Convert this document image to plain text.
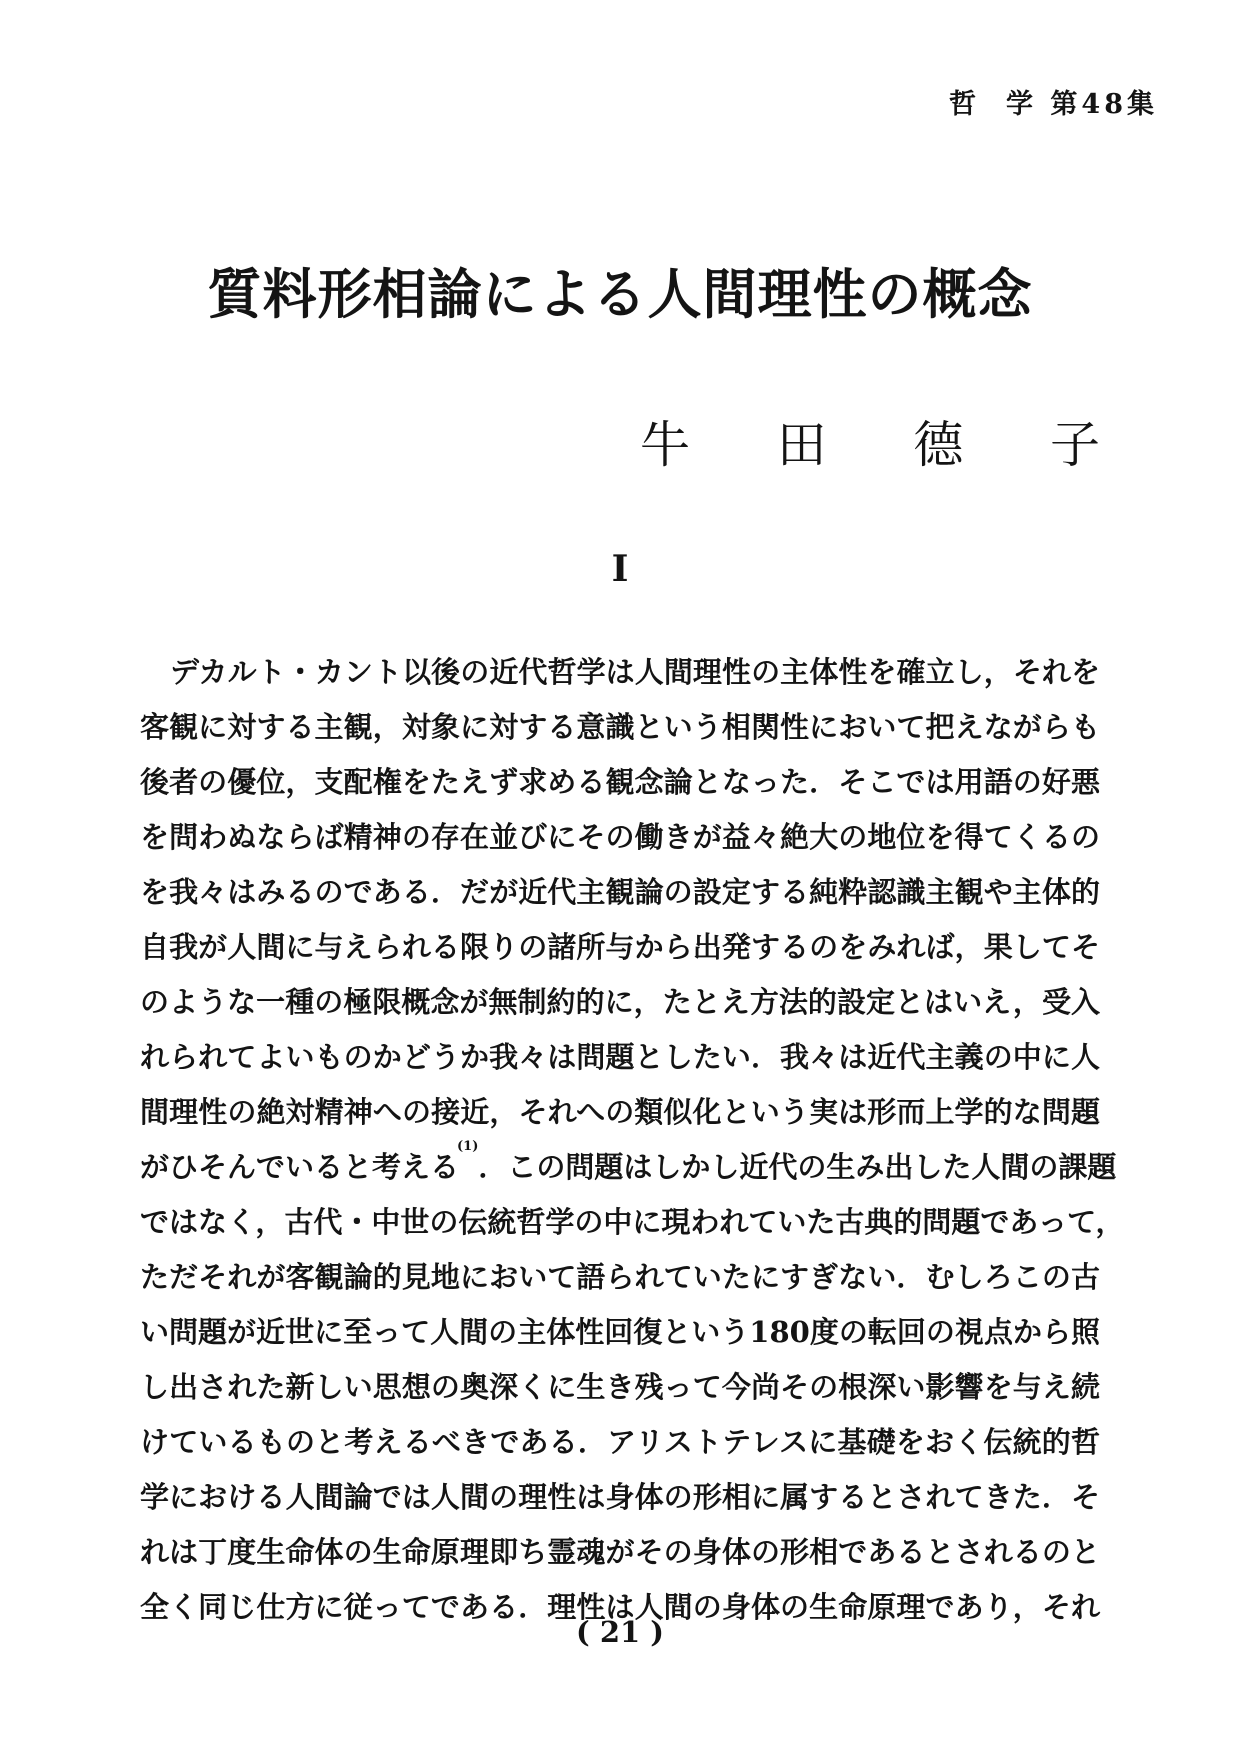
哲 学 第48集
質料形相論による人間理性の概念
牛 田 德 子
I
デカルト・カント以後の近代哲学は人間理性の主体性を確立し，それを
客観に対する主観，対象に対する意識という相関性において把えながらも
後者の優位，支配権をたえず求める観念論となった．そこでは用語の好悪
を問わぬならば精神の存在並びにその働きが益々絶大の地位を得てくるの
を我々はみるのである．だが近代主観論の設定する純粋認識主観や主体的
自我が人間に与えられる限りの諸所与から出発するのをみれば，果してそ
のような一種の極限概念が無制約的に，たとえ方法的設定とはいえ，受入
れられてよいものかどうか我々は問題としたい．我々は近代主義の中に人
間理性の絶対精神への接近，それへの類似化という実は形而上学的な問題
がひそんでいると考える$^{(1)}$．この問題はしかし近代の生み出した人間の課題
ではなく，古代・中世の伝統哲学の中に現われていた古典的問題であって，
ただそれが客観論的見地において語られていたにすぎない．むしろこの古
い問題が近世に至って人間の主体性回復という180度の転回の視点から照
し出された新しい思想の奥深くに生き残って今尚その根深い影響を与え続
けているものと考えるべきである．アリストテレスに基礎をおく伝統的哲
学における人間論では人間の理性は身体の形相に属するとされてきた．そ
れは丁度生命体の生命原理即ち霊魂がその身体の形相であるとされるのと
全く同じ仕方に従ってである．理性は人間の身体の生命原理であり，それ
( 21 )
